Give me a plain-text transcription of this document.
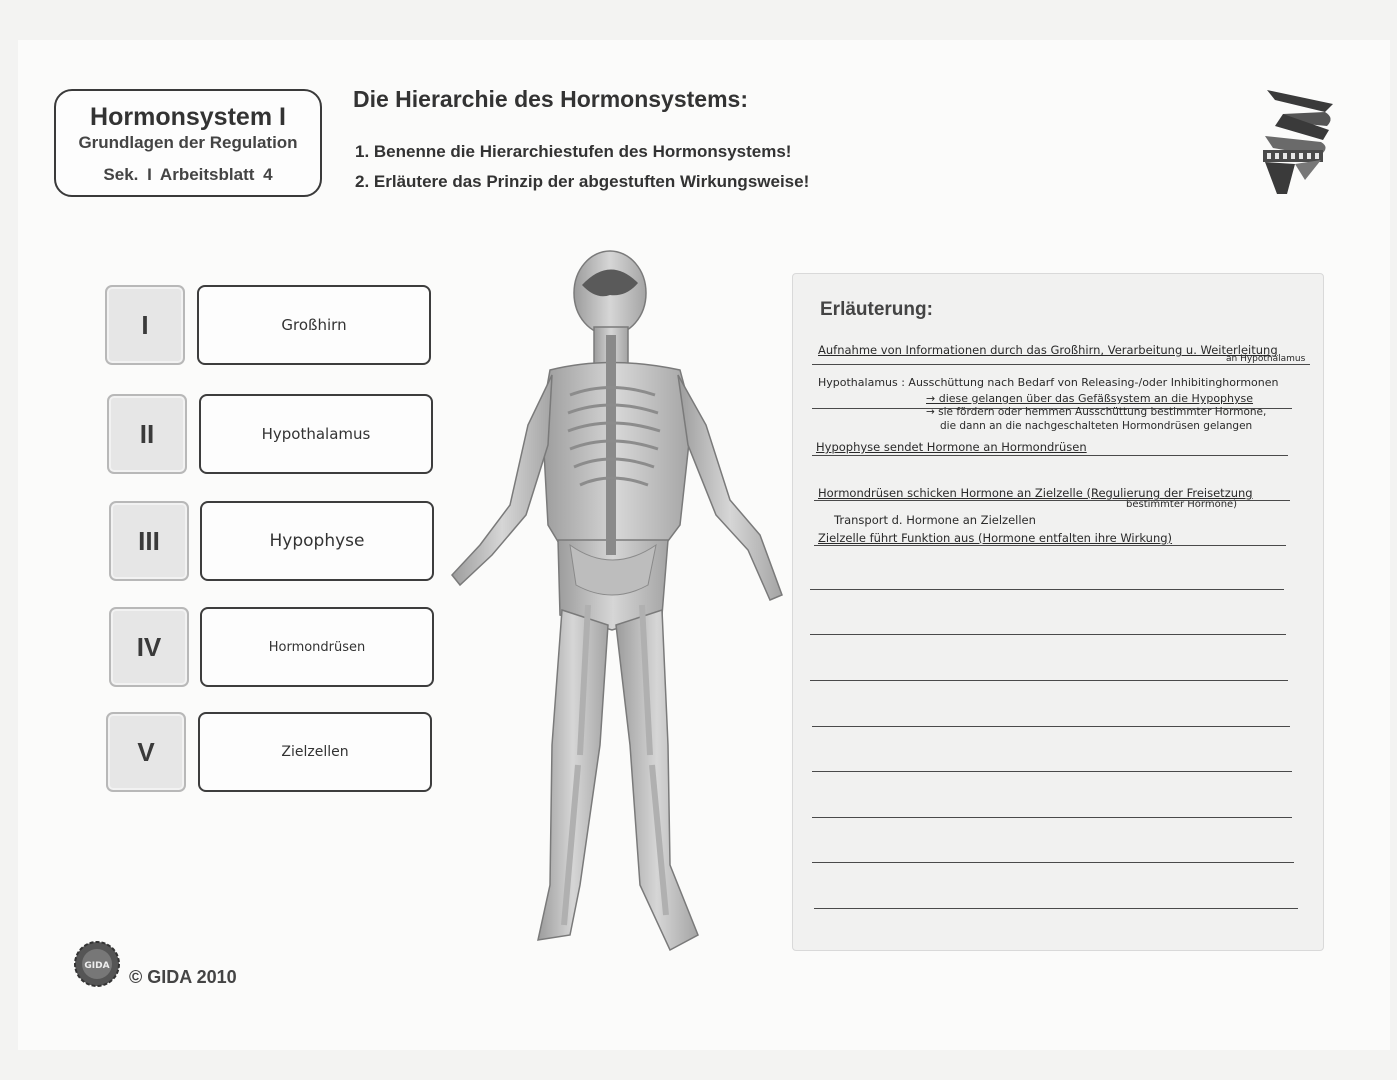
Hormonsystem I
Grundlagen der Regulation
Sek. I Arbeitsblatt 4
Die Hierarchie des Hormonsystems:
1. Benenne die Hierarchiestufen des Hormonsystems!
2. Erläutere das Prinzip der abgestuften Wirkungsweise!
I	Großhirn
II	Hypothalamus
III	Hypophyse
IV	Hormondrüsen
V	Zielzellen
Erläuterung:
Aufnahme von Informationen durch das Großhirn, Verarbeitung u. Weiterleitung
an Hypothalamus
Hypothalamus : Ausschüttung nach Bedarf von Releasing-/oder Inhibitinghormonen
→ diese gelangen über das Gefäßsystem an die Hypophyse
→ sie fördern oder hemmen Ausschüttung bestimmter Hormone,
die dann an die nachgeschalteten Hormondrüsen gelangen
Hypophyse sendet Hormone an Hormondrüsen
Hormondrüsen schicken Hormone an Zielzelle (Regulierung der Freisetzung
bestimmter Hormone)
Transport d. Hormone an Zielzellen
Zielzelle führt Funktion aus (Hormone entfalten ihre Wirkung)
GIDA
© GIDA 2010
